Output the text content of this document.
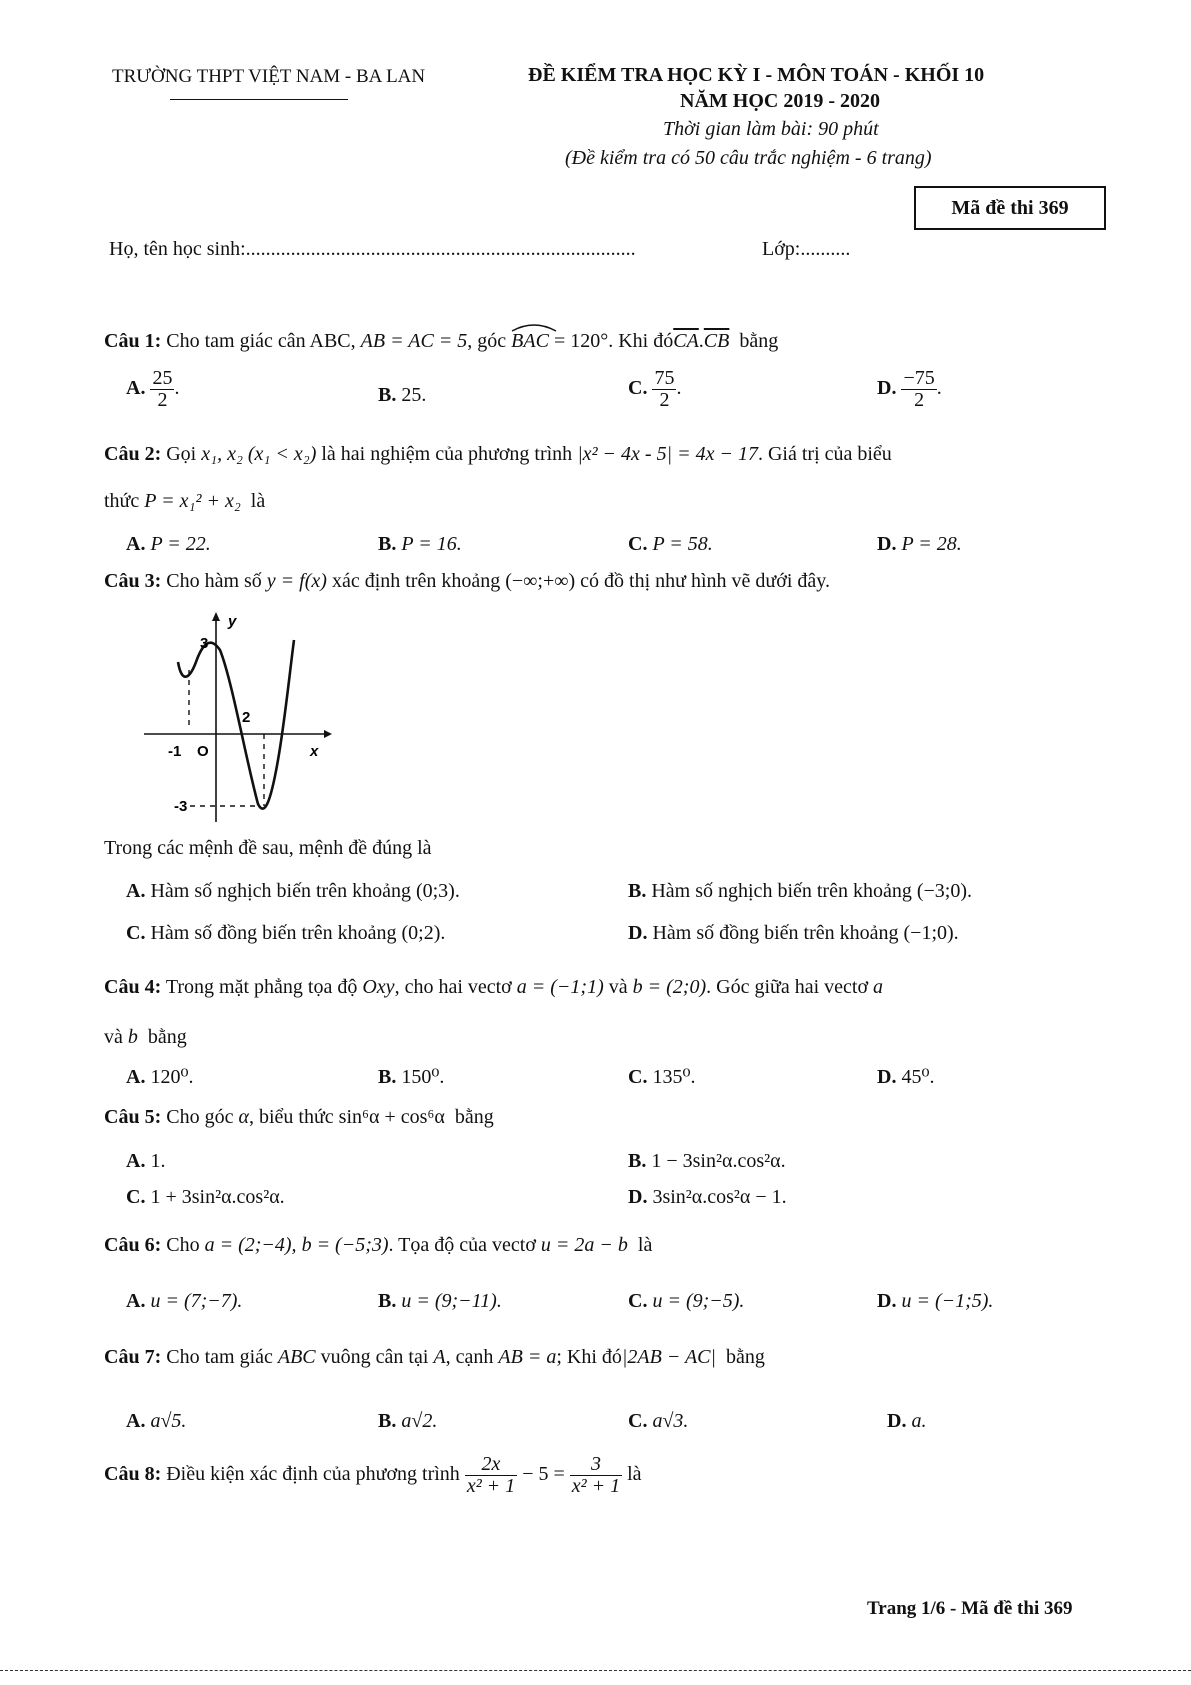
TRƯỜNG THPT VIỆT NAM - BA LAN	ĐỀ KIỂM TRA HỌC KỲ I - MÔN TOÁN - KHỐI 10
NĂM HỌC 2019 - 2020
Thời gian làm bài: 90 phút
(Đề kiểm tra có 50 câu trắc nghiệm - 6 trang)
Mã đề thi 369
Họ, tên học sinh:..............................................................................	Lớp:..........
Câu 1: Cho tam giác cân ABC, AB = AC = 5, góc BAC = 120°. Khi $đó\overline{CA}.\overline{CB}$ bằng
A. $\frac{25}{2}$ .	B. 25.	C. $\frac{75}{2}$ .	D. $\frac{-75}{2}$ .
Câu 2: Gọi x₁, x₂ (x₁ < x₂) là hai nghiệm của phương trình |x² − 4x - 5| = 4x − 17. Giá trị của biểu
thức P = x₁² + x₂ là
A. P = 22.	B. P = 16.	C. P = 58.	D. P = 28.
Câu 3: Cho hàm số y = f(x) xác định trên khoảng (−∞;+∞) có đồ thị như hình vẽ dưới đây.
y
3
2
-1 O	x
-3
Trong các mệnh đề sau, mệnh đề đúng là
A. Hàm số nghịch biến trên khoảng (0;3).	B. Hàm số nghịch biến trên khoảng (−3;0).
C. Hàm số đồng biến trên khoảng (0;2).	D. Hàm số đồng biến trên khoảng (−1;0).
Câu 4: Trong mặt phẳng tọa độ Oxy, cho hai vectơ a = (−1;1) và b = (2;0). Góc giữa hai vectơ a
và b bằng
A. 120⁰.	B. 150⁰.	C. 135⁰.	D. 45⁰.
Câu 5: Cho góc α, biểu thức sin⁶α + cos⁶α bằng
A. 1.	B. 1 − 3sin²α.cos²α.
C. 1 + 3sin²α.cos²α.	D. 3sin²α.cos²α − 1.
Câu 6: Cho a = (2;−4), b = (−5;3). Tọa độ của vectơ u = 2a − b là
A. u = (7;−7).	B. u = (9;−11).	C. u = (9;−5).	D. u = (−1;5).
Câu 7: Cho tam giác ABC vuông cân tại A, cạnh AB = a; Khi đó|2AB − AC| bằng
A. a√5.	B. a√2.	C. a√3.	D. a.
Câu 8: Điều kiện xác định của phương trình $\frac{2x}{\text{x² + 1}} - 5 = \frac{3}{\text{x² + 1}}$ là
Trang 1/6 - Mã đề thi 369
